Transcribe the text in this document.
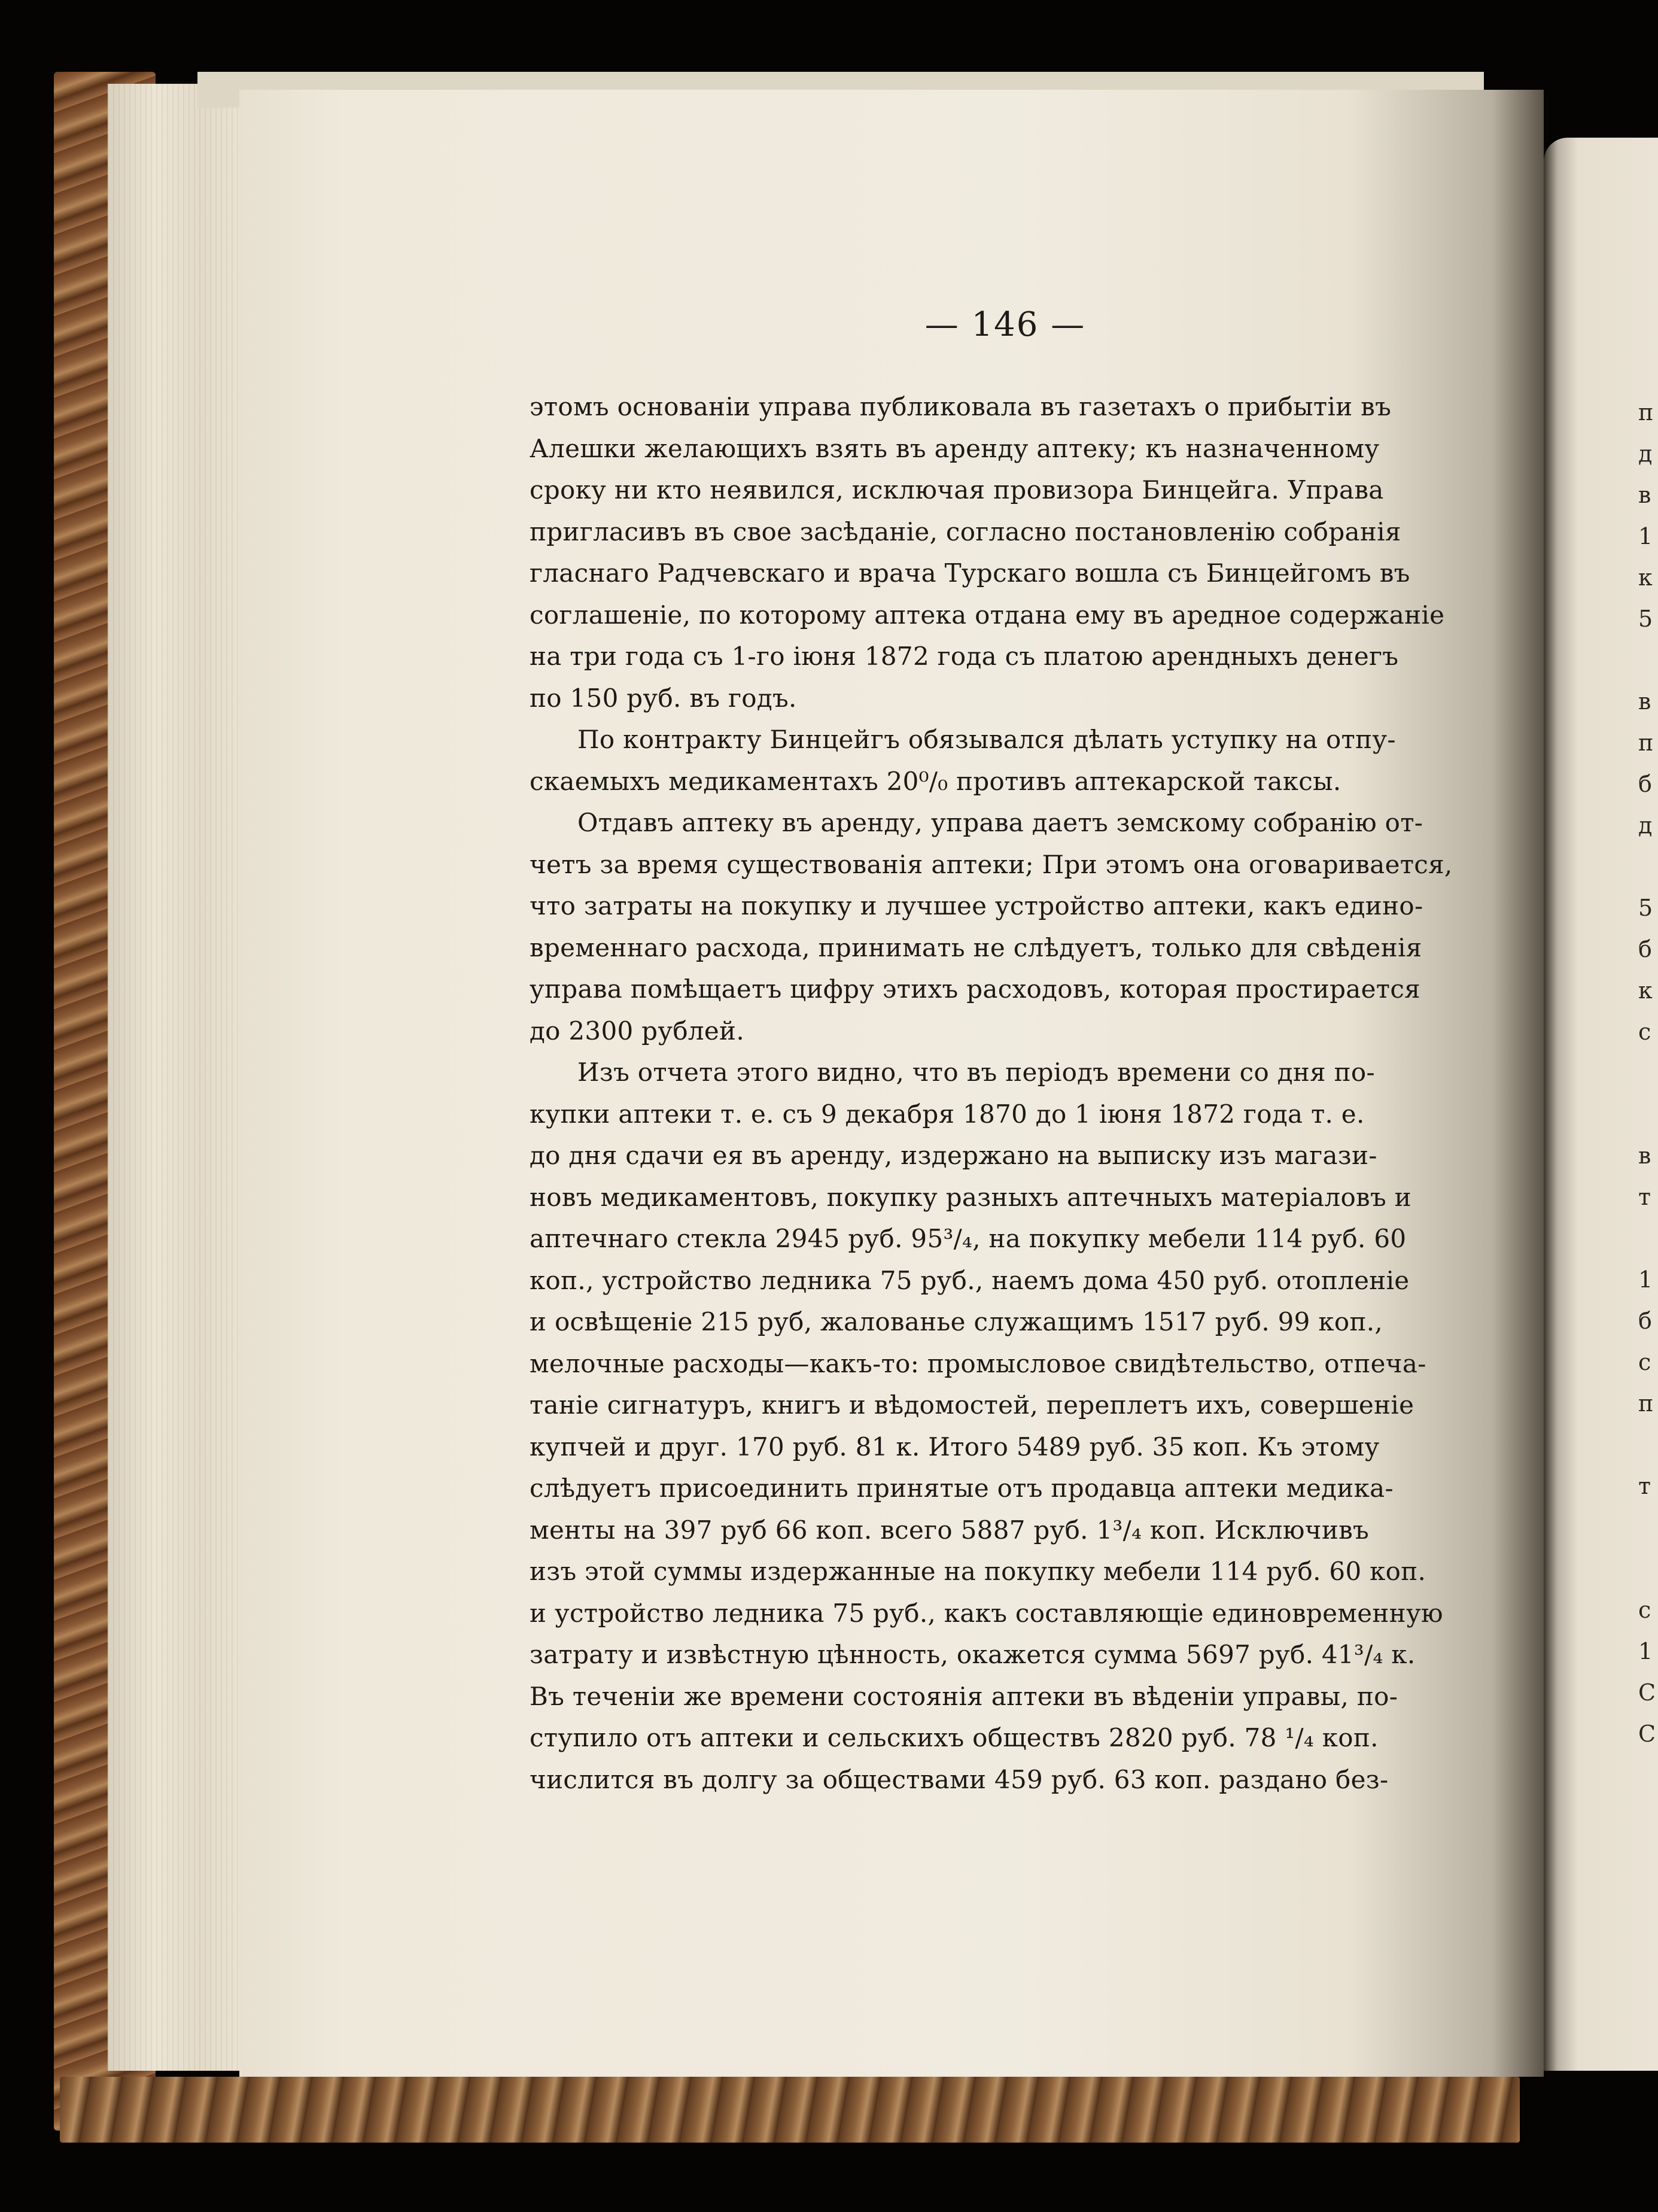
п
д
в
1
к
5
в
п
б
д
5
б
к
с
в
т
1
б
с
п
т
с
1
С
С
— 146 —
этомъ основанiи управа публиковала въ газетахъ о прибытiи въ
Алешки желающихъ взять въ аренду аптеку; къ назначенному
сроку ни кто неявился, исключая провизора Бинцейга. Управа
пригласивъ въ свое засѣданiе, согласно постановленiю собранiя
гласнаго Радчевскаго и врача Турскаго вошла съ Бинцейгомъ въ
соглашенiе, по которому аптека отдана ему въ аредное содержанiе
на три года съ 1-го iюня 1872 года съ платою арендныхъ денегъ
по 150 руб. въ годъ.
По контракту Бинцейгъ обязывался дѣлать уступку на отпу-
скаемыхъ медикаментахъ 20⁰/₀ противъ аптекарской таксы.
Отдавъ аптеку въ аренду, управа даетъ земскому собранiю от-
четъ за время существованiя аптеки; При этомъ она оговаривается,
что затраты на покупку и лучшее устройство аптеки, какъ едино-
временнаго расхода, принимать не слѣдуетъ, только для свѣденiя
управа помѣщаетъ цифру этихъ расходовъ, которая простирается
до 2300 рублей.
Изъ отчета этого видно, что въ перiодъ времени со дня по-
купки аптеки т. е. съ 9 декабря 1870 до 1 iюня 1872 года т. е.
до дня сдачи ея въ аренду, издержано на выписку изъ магази-
новъ медикаментовъ, покупку разныхъ аптечныхъ матерiаловъ и
аптечнаго стекла 2945 руб. 95³/₄, на покупку мебели 114 руб. 60
коп., устройство ледника 75 руб., наемъ дома 450 руб. отопленiе
и освѣщенiе 215 руб, жалованье служащимъ 1517 руб. 99 коп.,
мелочные расходы—какъ-то: промысловое свидѣтельство, отпеча-
танiе сигнатуръ, книгъ и вѣдомостей, переплетъ ихъ, совершенiе
купчей и друг. 170 руб. 81 к. Итого 5489 руб. 35 коп. Къ этому
слѣдуетъ присоединить принятые отъ продавца аптеки медика-
менты на 397 руб 66 коп. всего 5887 руб. 1³/₄ коп. Исключивъ
изъ этой суммы издержанные на покупку мебели 114 руб. 60 коп.
и устройство ледника 75 руб., какъ составляющiе единовременную
затрату и извѣстную цѣнность, окажется сумма 5697 руб. 41³/₄ к.
Въ теченiи же времени состоянiя аптеки въ вѣденiи управы, по-
ступило отъ аптеки и сельскихъ обществъ 2820 руб. 78 ¹/₄ коп.
числится въ долгу за обществами 459 руб. 63 коп. раздано без-
